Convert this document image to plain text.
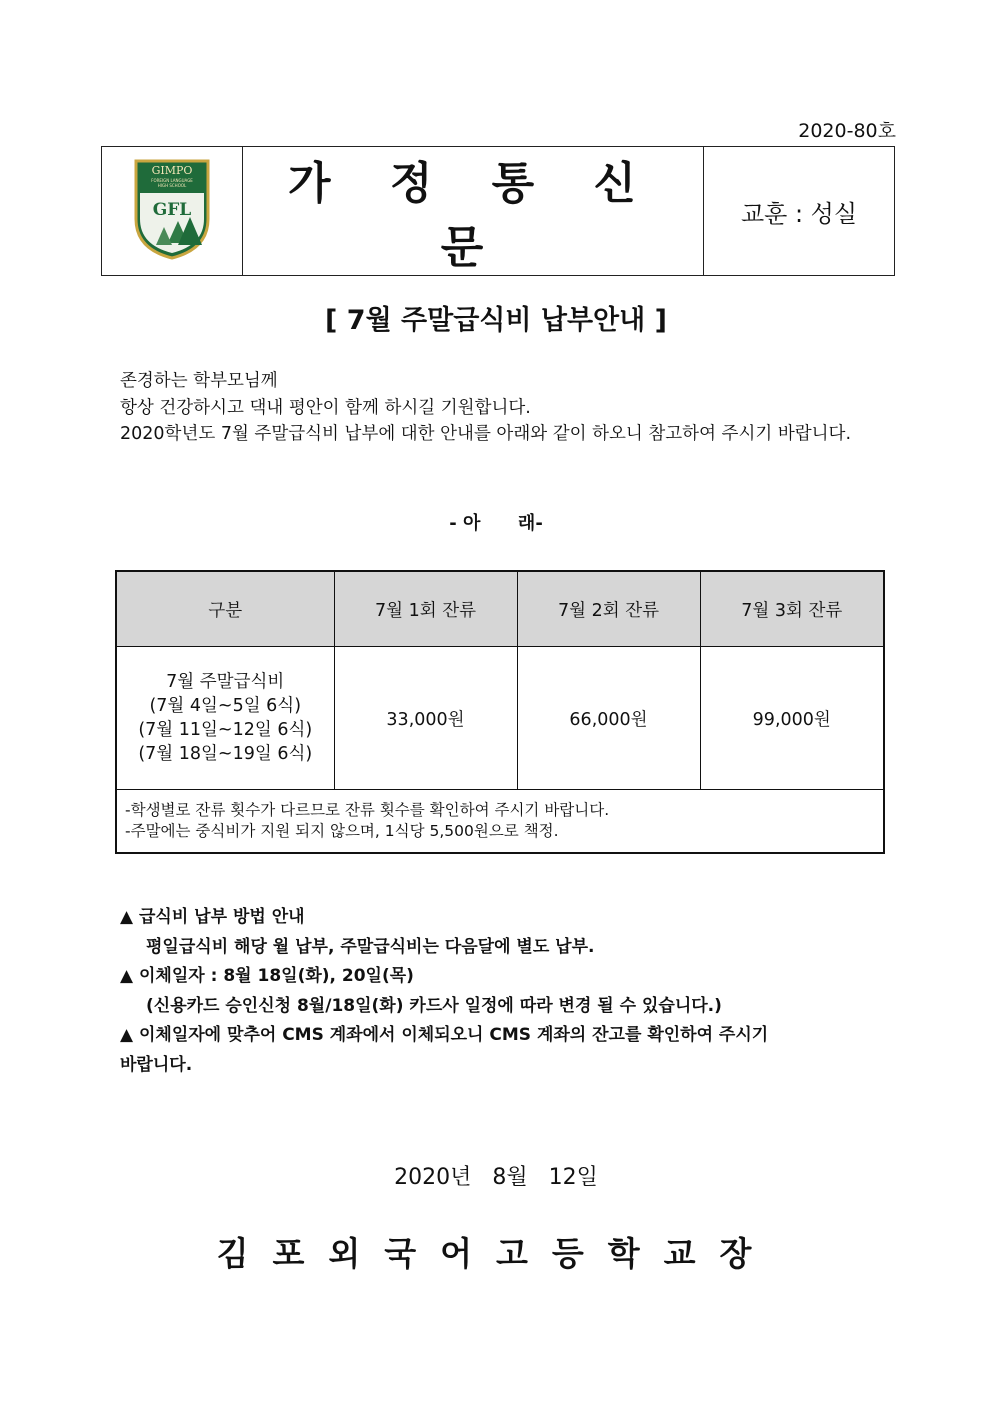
2020-80호
GIMPO
FOREIGN LANGUAGE
HIGH SCHOOL
GFL
	가 정 통 신 문	교훈 : 성실
[ 7월 주말급식비 납부안내 ]

존경하는 학부모님께

항상 건강하시고 댁내 평안이 함께 하시길 기원합니다.

2020학년도 7월 주말급식비 납부에 대한 안내를 아래와 같이 하오니 참고하여 주시기 바랍니다.

- 아      래-
구분	7월 1회 잔류	7월 2회 잔류	7월 3회 잔류

7월 주말급식비
(7월 4일~5일 6식)
(7월 11일~12일 6식)
(7월 18일~19일 6식)	33,000원	66,000원	99,000원

-학생별로 잔류 횟수가 다르므로 잔류 횟수를 확인하여 주시기 바랍니다.
-주말에는 중식비가 지원 되지 않으며, 1식당 5,500원으로 책정.			
▲ 급식비 납부 방법 안내
평일급식비 해당 월 납부, 주말급식비는 다음달에 별도 납부.
▲ 이체일자 : 8월 18일(화), 20일(목)
(신용카드 승인신청 8월/18일(화) 카드사 일정에 따라 변경 될 수 있습니다.)
▲ 이체일자에 맞추어 CMS 계좌에서 이체되오니 CMS 계좌의 잔고를 확인하여 주시기
바랍니다.
2020년   8월   12일
김포외국어고등학교장
